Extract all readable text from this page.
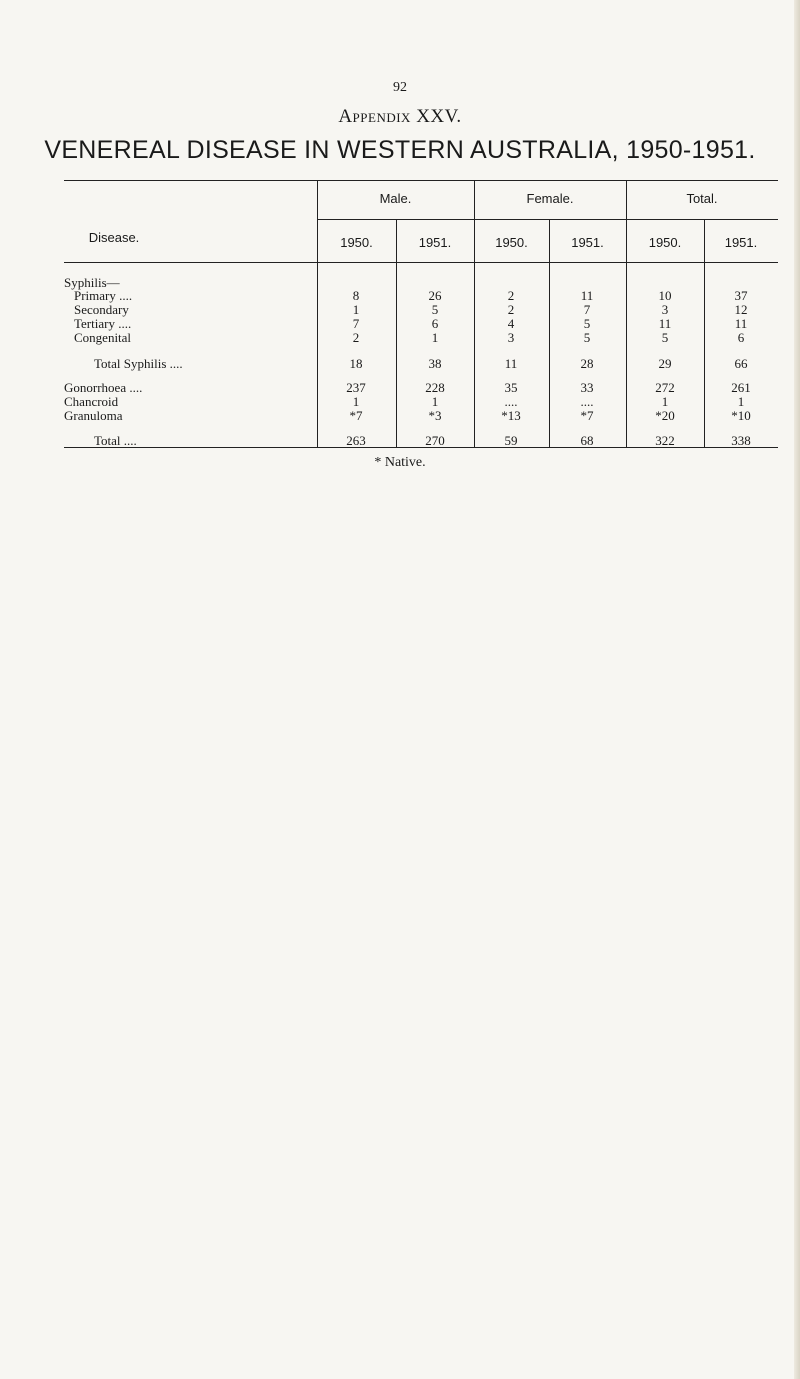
92
Appendix XXV.
VENEREAL DISEASE IN WESTERN AUSTRALIA, 1950-1951.
Disease.
Male.	Female.	Total.
1950.	1951.	1950.	1951.	1950.	1951.
Syphilis—
Primary ....	8	26	2	11	10	37
Secondary	1	5	2	7	3	12
Tertiary ....	7	6	4	5	11	11
Congenital	2	1	3	5	5	6
Total Syphilis ....	18	38	11	28	29	66
Gonorrhoea ....	237	228	35	33	272	261
Chancroid	1	1	....	....	1	1
Granuloma	*7	*3	*13	*7	*20	*10
Total ....	263	270	59	68	322	338
* Native.
